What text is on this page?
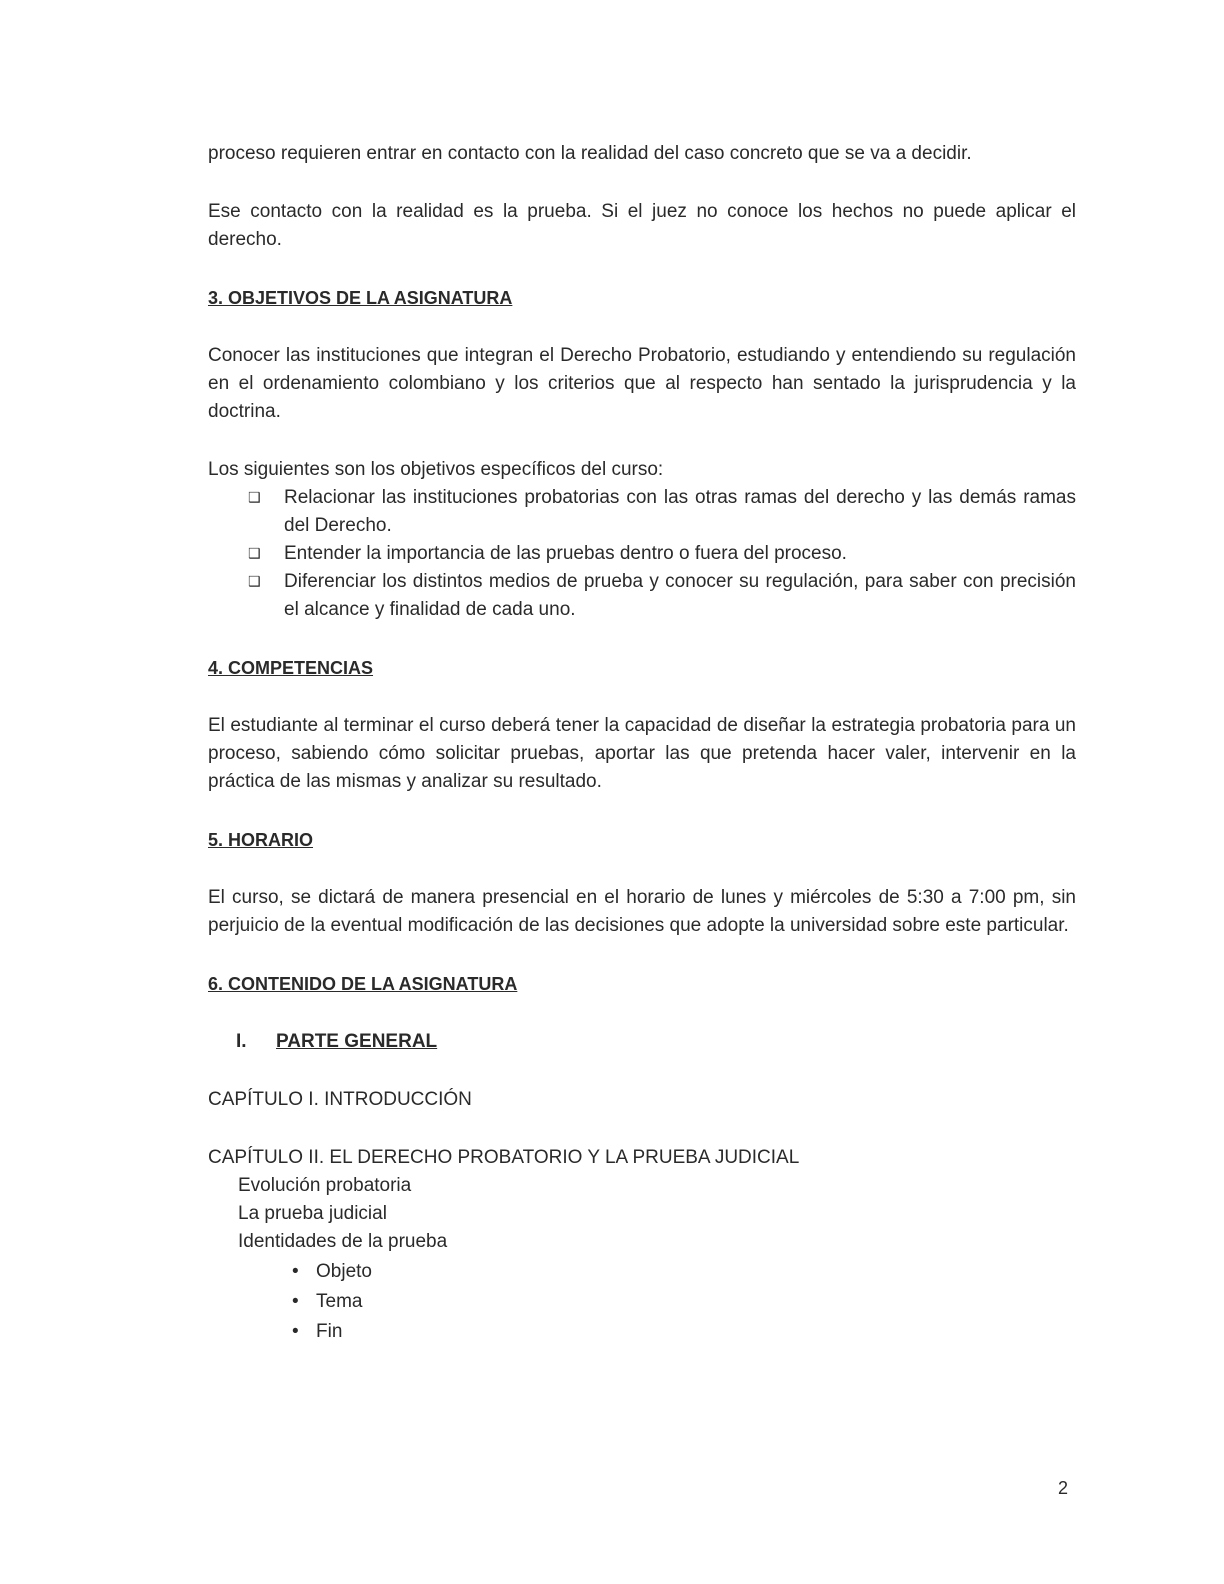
proceso requieren entrar en contacto con la realidad del caso concreto que se va a decidir.

Ese contacto con la realidad es la prueba. Si el juez no conoce los hechos no puede aplicar el derecho.

3. OBJETIVOS DE LA ASIGNATURA

Conocer las instituciones que integran el Derecho Probatorio, estudiando y entendiendo su regulación en el ordenamiento colombiano y los criterios que al respecto han sentado la jurisprudencia y la doctrina.

Los siguientes son los objetivos específicos del curso:

❑ Relacionar las instituciones probatorias con las otras ramas del derecho y las demás ramas del Derecho.
❑ Entender la importancia de las pruebas dentro o fuera del proceso.
❑ Diferenciar los distintos medios de prueba y conocer su regulación, para saber con precisión el alcance y finalidad de cada uno.
4. COMPETENCIAS

El estudiante al terminar el curso deberá tener la capacidad de diseñar la estrategia probatoria para un proceso, sabiendo cómo solicitar pruebas, aportar las que pretenda hacer valer, intervenir en la práctica de las mismas y analizar su resultado.

5. HORARIO

El curso, se dictará de manera presencial en el horario de lunes y miércoles de 5:30 a 7:00 pm, sin perjuicio de la eventual modificación de las decisiones que adopte la universidad sobre este particular.

6. CONTENIDO DE LA ASIGNATURA
I.	PARTE GENERAL

CAPÍTULO I. INTRODUCCIÓN

CAPÍTULO II. EL DERECHO PROBATORIO Y LA PRUEBA JUDICIAL

Evolución probatoria

La prueba judicial

Identidades de la prueba

• Objeto
• Tema
• Fin
2
